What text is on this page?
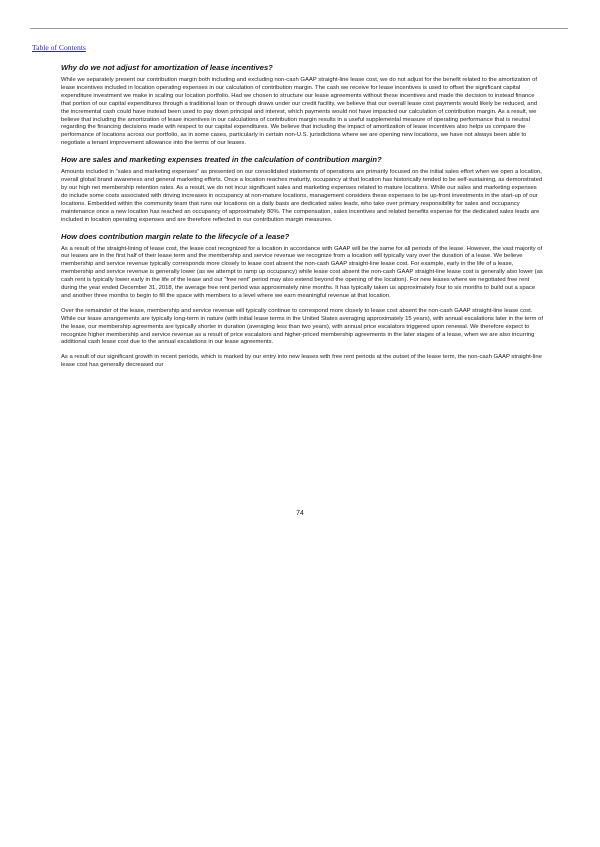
Table of Contents
Why do we not adjust for amortization of lease incentives?

While we separately present our contribution margin both including and excluding non-cash GAAP straight-line lease cost, we do not adjust for the benefit related to the amortization of lease incentives included in location operating expenses in our calculation of contribution margin. The cash we receive for lease incentives is used to offset the significant capital expenditure investment we make in scaling our location portfolio. Had we chosen to structure our lease agreements without these incentives and made the decision to instead finance that portion of our capital expenditures through a traditional loan or through draws under our credit facility, we believe that our overall lease cost payments would likely be reduced, and the incremental cash could have instead been used to pay down principal and interest, which payments would not have impacted our calculation of contribution margin. As a result, we believe that including the amortization of lease incentives in our calculations of contribution margin results in a useful supplemental measure of operating performance that is neutral regarding the financing decisions made with respect to our capital expenditures. We believe that including the impact of amortization of lease incentives also helps us compare the performance of locations across our portfolio, as in some cases, particularly in certain non-U.S. jurisdictions where we are opening new locations, we have not always been able to negotiate a tenant improvement allowance into the terms of our leases.

How are sales and marketing expenses treated in the calculation of contribution margin?

Amounts included in “sales and marketing expenses” as presented on our consolidated statements of operations are primarily focused on the initial sales effort when we open a location, overall global brand awareness and general marketing efforts. Once a location reaches maturity, occupancy at that location has historically tended to be self-sustaining, as demonstrated by our high net membership retention rates. As a result, we do not incur significant sales and marketing expenses related to mature locations. While our sales and marketing expenses do include some costs associated with driving increases in occupancy at non-mature locations, management considers these expenses to be up-front investments in the start-up of our locations. Embedded within the community team that runs our locations on a daily basis are dedicated sales leads, who take over primary responsibility for sales and occupancy maintenance once a new location has reached an occupancy of approximately 80%. The compensation, sales incentives and related benefits expense for the dedicated sales leads are included in location operating expenses and are therefore reflected in our contribution margin measures.

How does contribution margin relate to the lifecycle of a lease?

As a result of the straight-lining of lease cost, the lease cost recognized for a location in accordance with GAAP will be the same for all periods of the lease. However, the vast majority of our leases are in the first half of their lease term and the membership and service revenue we recognize from a location will typically vary over the duration of a lease. We believe membership and service revenue typically corresponds more closely to lease cost absent the non-cash GAAP straight-line lease cost. For example, early in the life of a lease, membership and service revenue is generally lower (as we attempt to ramp up occupancy) while lease cost absent the non-cash GAAP straight-line lease cost is generally also lower (as cash rent is typically lower early in the life of the lease and our “free rent” period may also extend beyond the opening of the location). For new leases where we negotiated free rent during the year ended December 31, 2018, the average free rent period was approximately nine months. It has typically taken us approximately four to six months to build out a space and another three months to begin to fill the space with members to a level where we earn meaningful revenue at that location.

Over the remainder of the lease, membership and service revenue will typically continue to correspond more closely to lease cost absent the non-cash GAAP straight-line lease cost. While our lease arrangements are typically long-term in nature (with initial lease terms in the United States averaging approximately 15 years), with annual escalations later in the term of the lease, our membership agreements are typically shorter in duration (averaging less than two years), with annual price escalators triggered upon renewal. We therefore expect to recognize higher membership and service revenue as a result of price escalators and higher-priced membership agreements in the later stages of a lease, when we are also incurring additional cash lease cost due to the annual escalations in our lease agreements.

As a result of our significant growth in recent periods, which is marked by our entry into new leases with free rent periods at the outset of the lease term, the non-cash GAAP straight-line lease cost has generally decreased our

74
